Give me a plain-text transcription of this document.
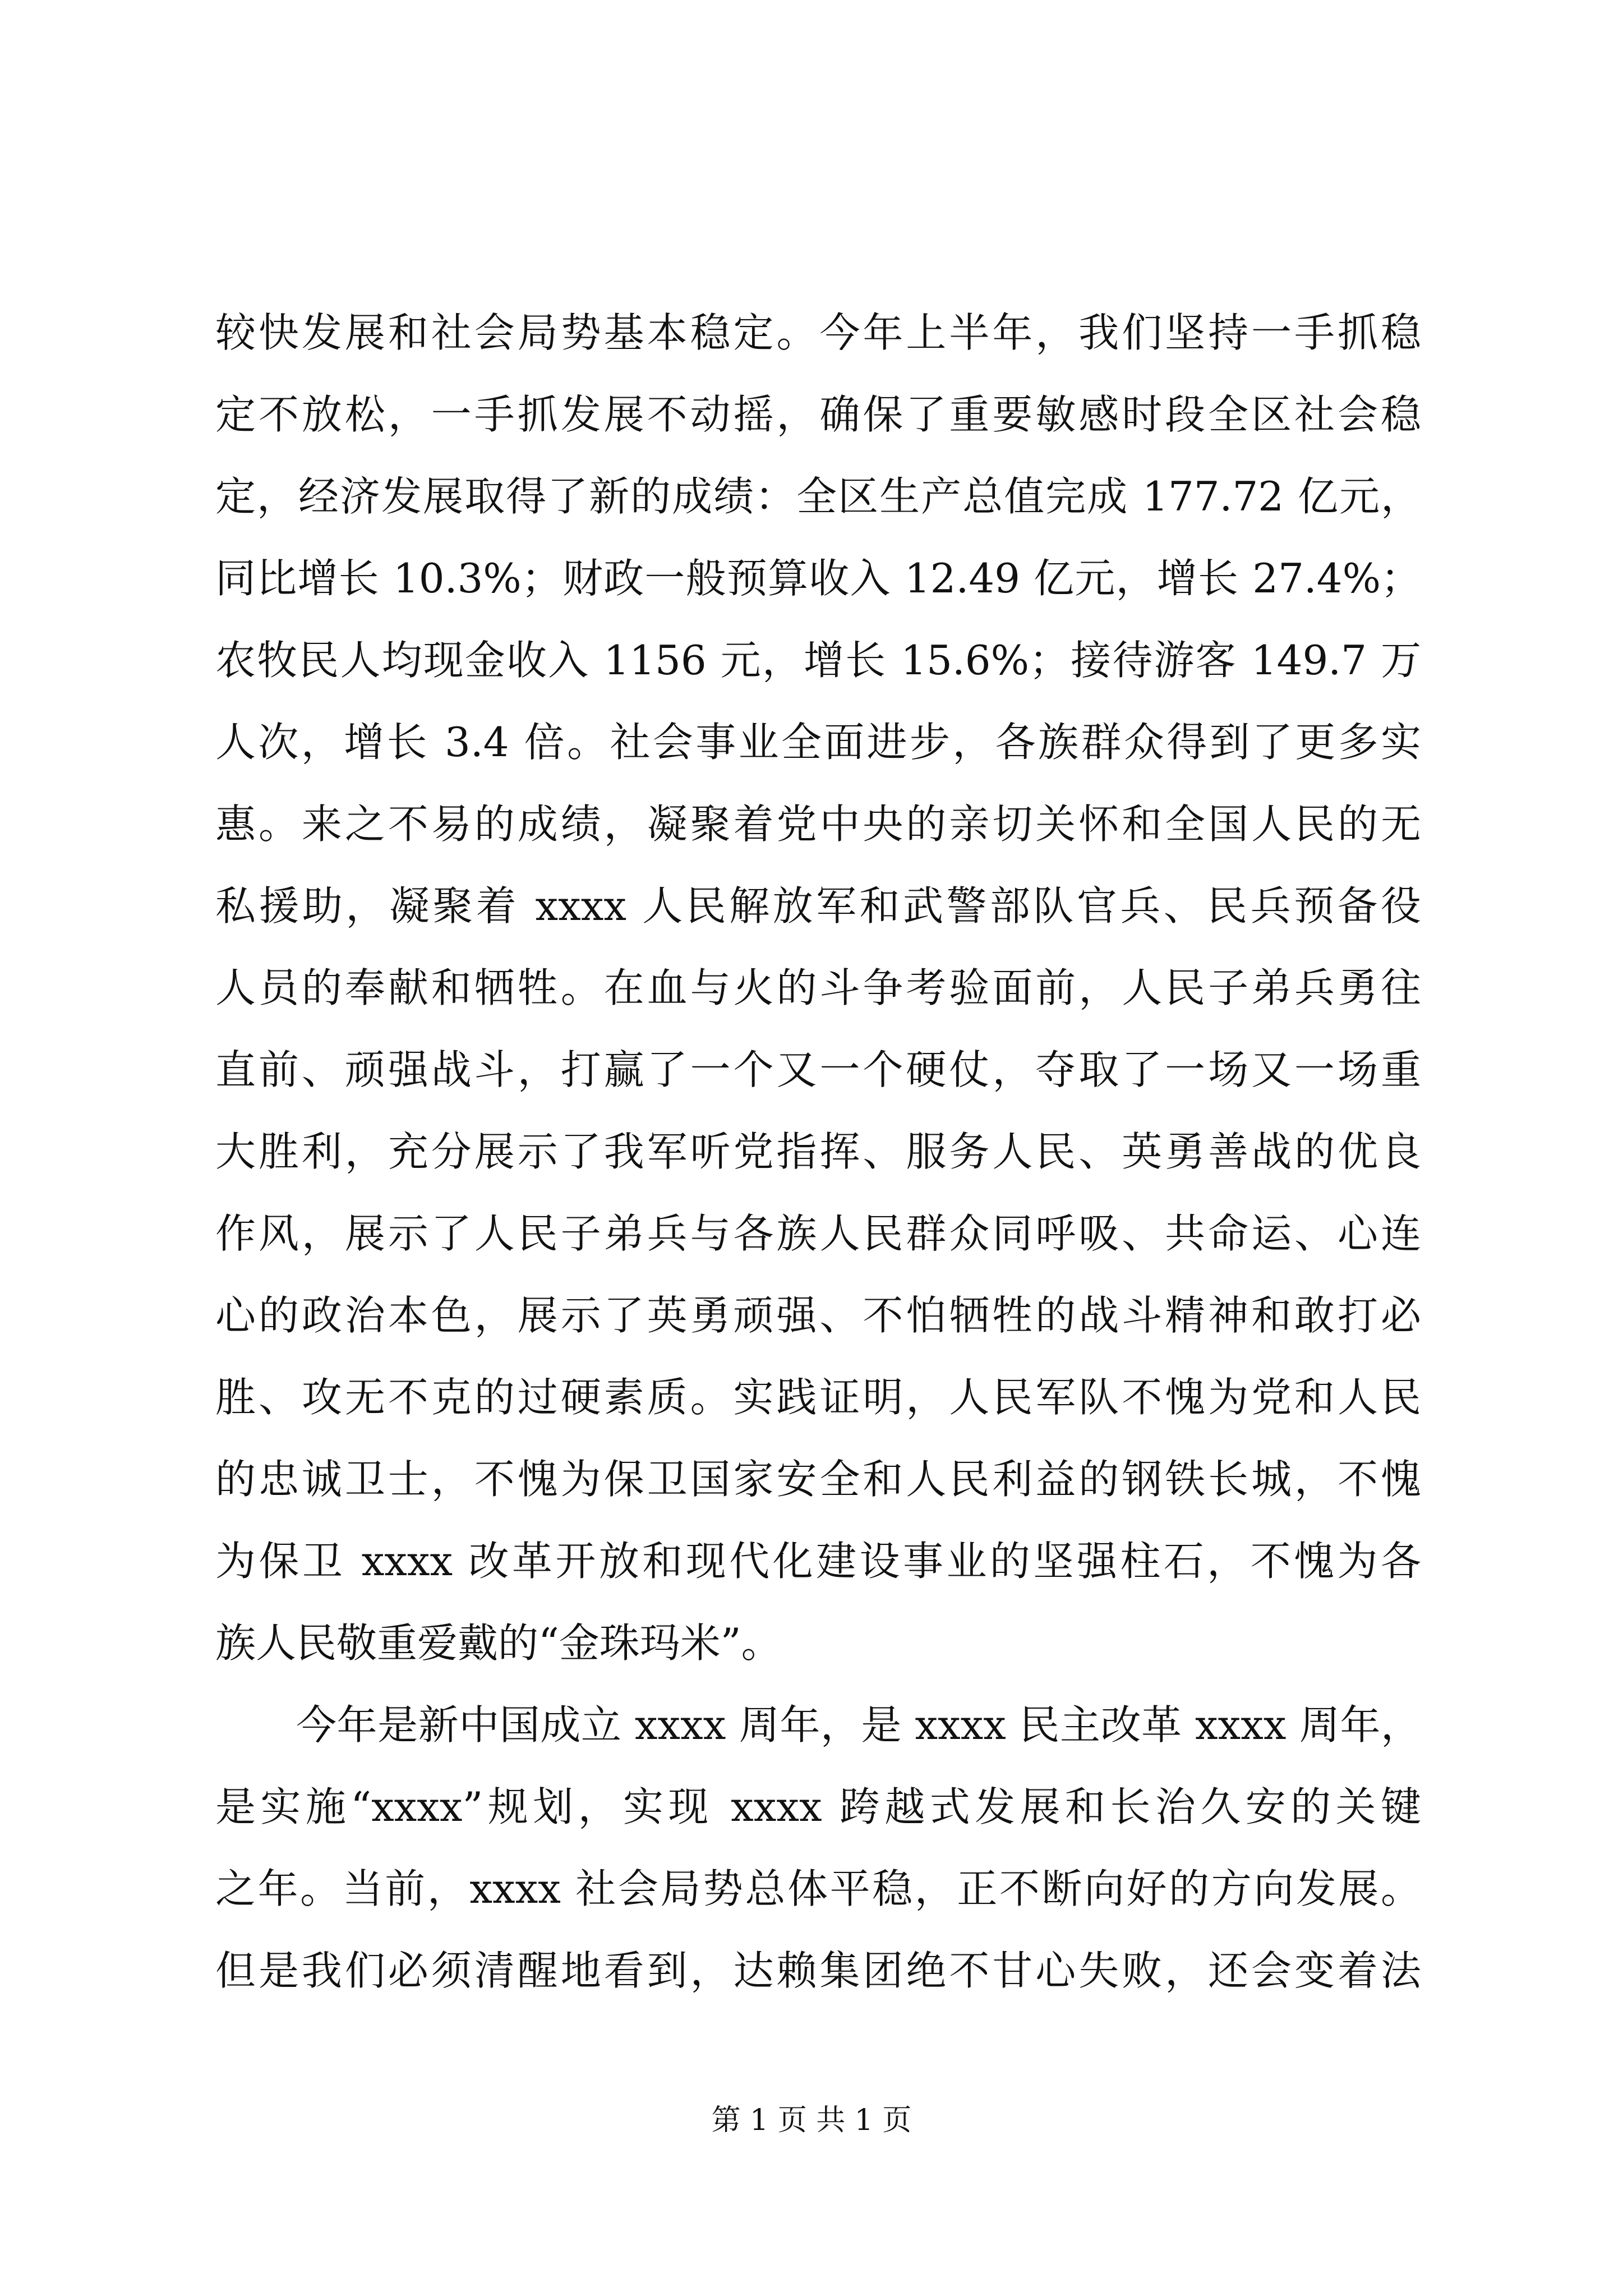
较快发展和社会局势基本稳定。今年上半年，我们坚持一手抓稳
定不放松，一手抓发展不动摇，确保了重要敏感时段全区社会稳
定，经济发展取得了新的成绩：全区生产总值完成 177.72 亿元，
同比增长 10.3%；财政一般预算收入 12.49 亿元，增长 27.4%；
农牧民人均现金收入 1156 元，增长 15.6%；接待游客 149.7 万
人次，增长 3.4 倍。社会事业全面进步，各族群众得到了更多实
惠。来之不易的成绩，凝聚着党中央的亲切关怀和全国人民的无
私援助，凝聚着 xxxx 人民解放军和武警部队官兵、民兵预备役
人员的奉献和牺牲。在血与火的斗争考验面前，人民子弟兵勇往
直前、顽强战斗，打赢了一个又一个硬仗，夺取了一场又一场重
大胜利，充分展示了我军听党指挥、服务人民、英勇善战的优良
作风，展示了人民子弟兵与各族人民群众同呼吸、共命运、心连
心的政治本色，展示了英勇顽强、不怕牺牲的战斗精神和敢打必
胜、攻无不克的过硬素质。实践证明，人民军队不愧为党和人民
的忠诚卫士，不愧为保卫国家安全和人民利益的钢铁长城，不愧
为保卫 xxxx 改革开放和现代化建设事业的坚强柱石，不愧为各
族人民敬重爱戴的“金珠玛米”。
今年是新中国成立 xxxx 周年，是 xxxx 民主改革 xxxx 周年，
是实施“xxxx”规划，实现 xxxx 跨越式发展和长治久安的关键
之年。当前，xxxx 社会局势总体平稳，正不断向好的方向发展。
但是我们必须清醒地看到，达赖集团绝不甘心失败，还会变着法
第 1 页 共 1 页
